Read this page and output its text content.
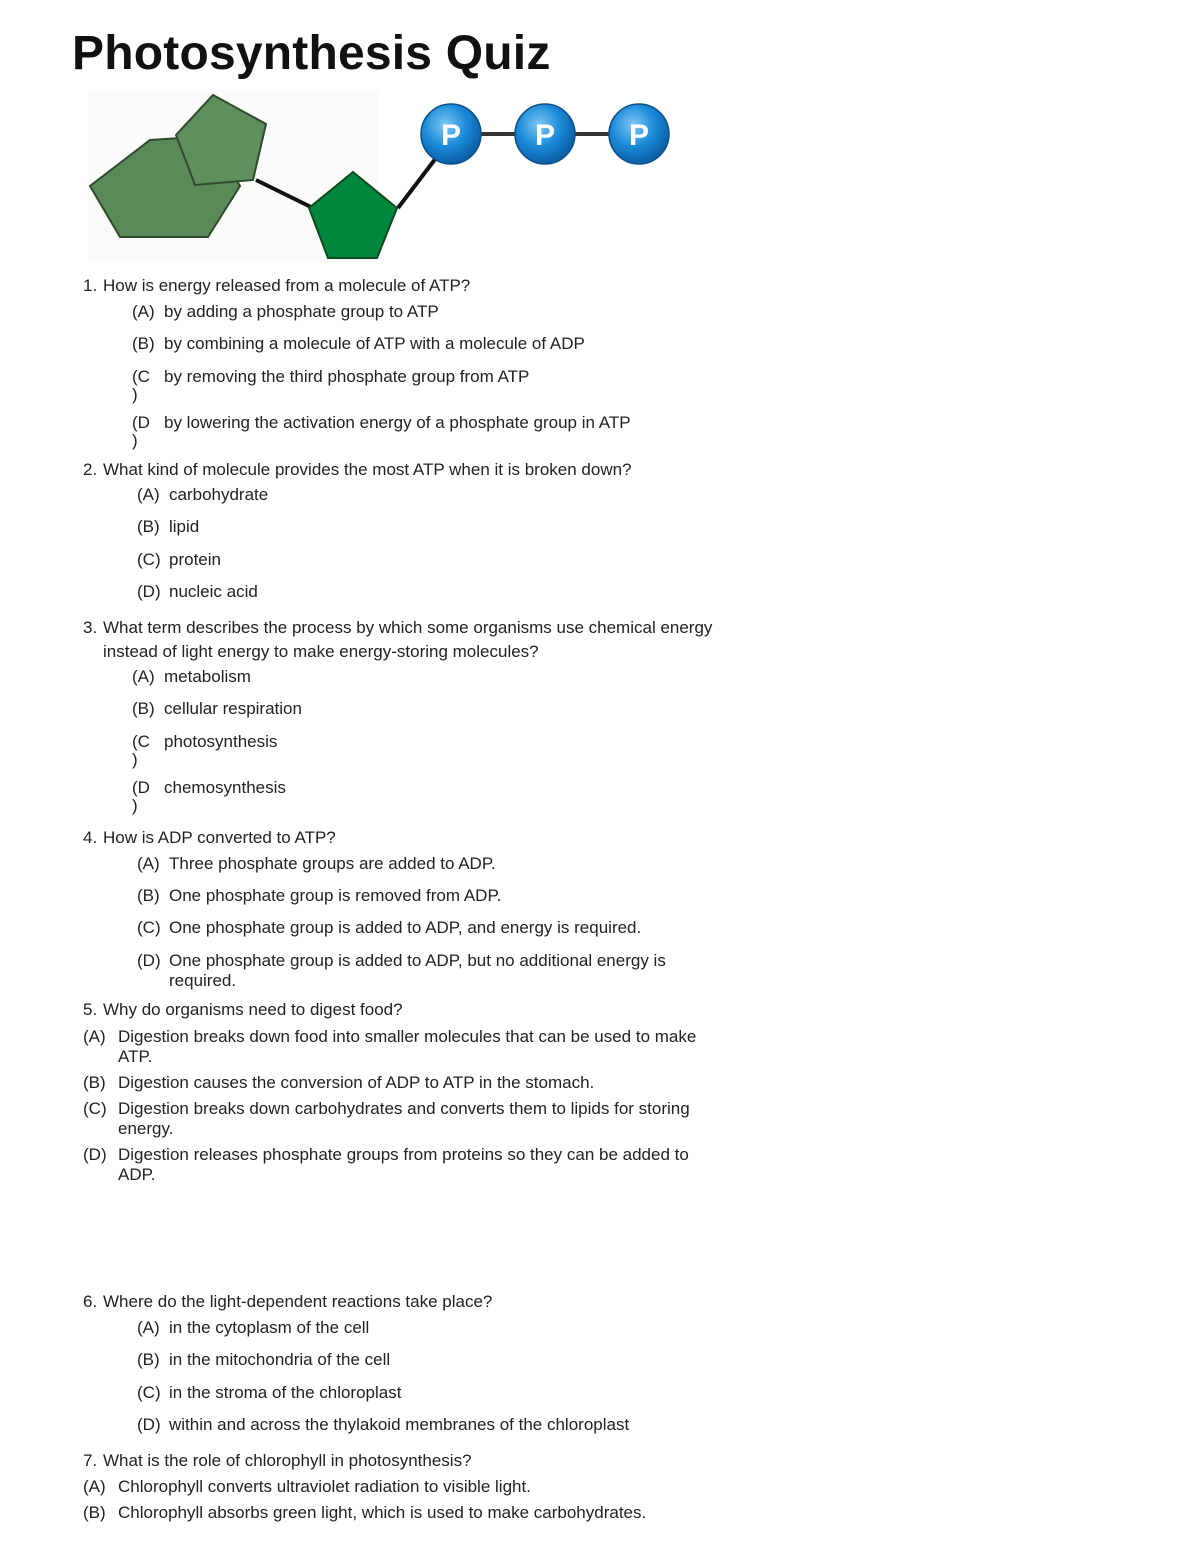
Photosynthesis Quiz
P P P
1. How is energy released from a molecule of ATP?
(A) by adding a phosphate group to ATP
(B) by combining a molecule of ATP with a molecule of ADP
(C
)
by removing the third phosphate group from ATP
(D
)
by lowering the activation energy of a phosphate group in ATP
2. What kind of molecule provides the most ATP when it is broken down?
(A) carbohydrate
(B) lipid
(C) protein
(D) nucleic acid
3. What term describes the process by which some organisms use chemical energy
instead of light energy to make energy-storing molecules?
(A) metabolism
(B) cellular respiration
(C
)
photosynthesis
(D
)
chemosynthesis
4. How is ADP converted to ATP?
(A) Three phosphate groups are added to ADP.
(B) One phosphate group is removed from ADP.
(C) One phosphate group is added to ADP, and energy is required.
(D) One phosphate group is added to ADP, but no additional energy is
required.
5. Why do organisms need to digest food?
(A) Digestion breaks down food into smaller molecules that can be used to make
ATP.
(B) Digestion causes the conversion of ADP to ATP in the stomach.
(C) Digestion breaks down carbohydrates and converts them to lipids for storing
energy.
(D) Digestion releases phosphate groups from proteins so they can be added to
ADP.
6. Where do the light-dependent reactions take place?
(A) in the cytoplasm of the cell
(B) in the mitochondria of the cell
(C) in the stroma of the chloroplast
(D) within and across the thylakoid membranes of the chloroplast
7. What is the role of chlorophyll in photosynthesis?
(A) Chlorophyll converts ultraviolet radiation to visible light.
(B) Chlorophyll absorbs green light, which is used to make carbohydrates.
